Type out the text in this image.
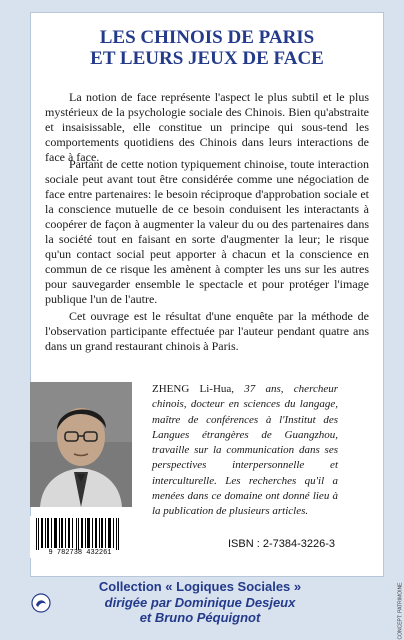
LES CHINOIS DE PARIS
ET LEURS JEUX DE FACE

La notion de face représente l'aspect le plus subtil et le plus mystérieux de la psychologie sociale des Chinois. Bien qu'abstraite et insaisissable, elle constitue un principe qui sous-tend les comportements quotidiens des Chinois dans leurs interactions de face à face.

Partant de cette notion typiquement chinoise, toute interaction sociale peut avant tout être considérée comme une négociation de face entre partenaires: le besoin réciproque d'approbation sociale et la conscience mutuelle de ce besoin conduisent les interactants à coopérer de façon à augmenter la valeur du ou des partenaires dans la société tout en faisant en sorte d'augmenter la leur; le risque qu'un contact social peut apporter à chacun et la conscience en commun de ce risque les amènent à compter les uns sur les autres pour sauvegarder ensemble le spectacle et pour protéger l'image publique l'un de l'autre.

Cet ouvrage est le résultat d'une enquête par la méthode de l'observation participante effectuée par l'auteur pendant quatre ans dans un grand restaurant chinois à Paris.

ZHENG Li-Hua, 37 ans, chercheur chinois, docteur en sciences du langage, maître de conférences à l'Institut des Langues étrangères de Guangzhou, travaille sur la communication dans ses perspectives interpersonnelle et interculturelle. Les recherches qu'il a menées dans ce domaine ont donné lieu à la publication de plusieurs articles.

9 782738 432261
ISBN : 2-7384-3226-3
Collection « Logiques Sociales »
dirigée par Dominique Desjeux
et Bruno Péquignot	CONCEPT: PATRIMOINE
